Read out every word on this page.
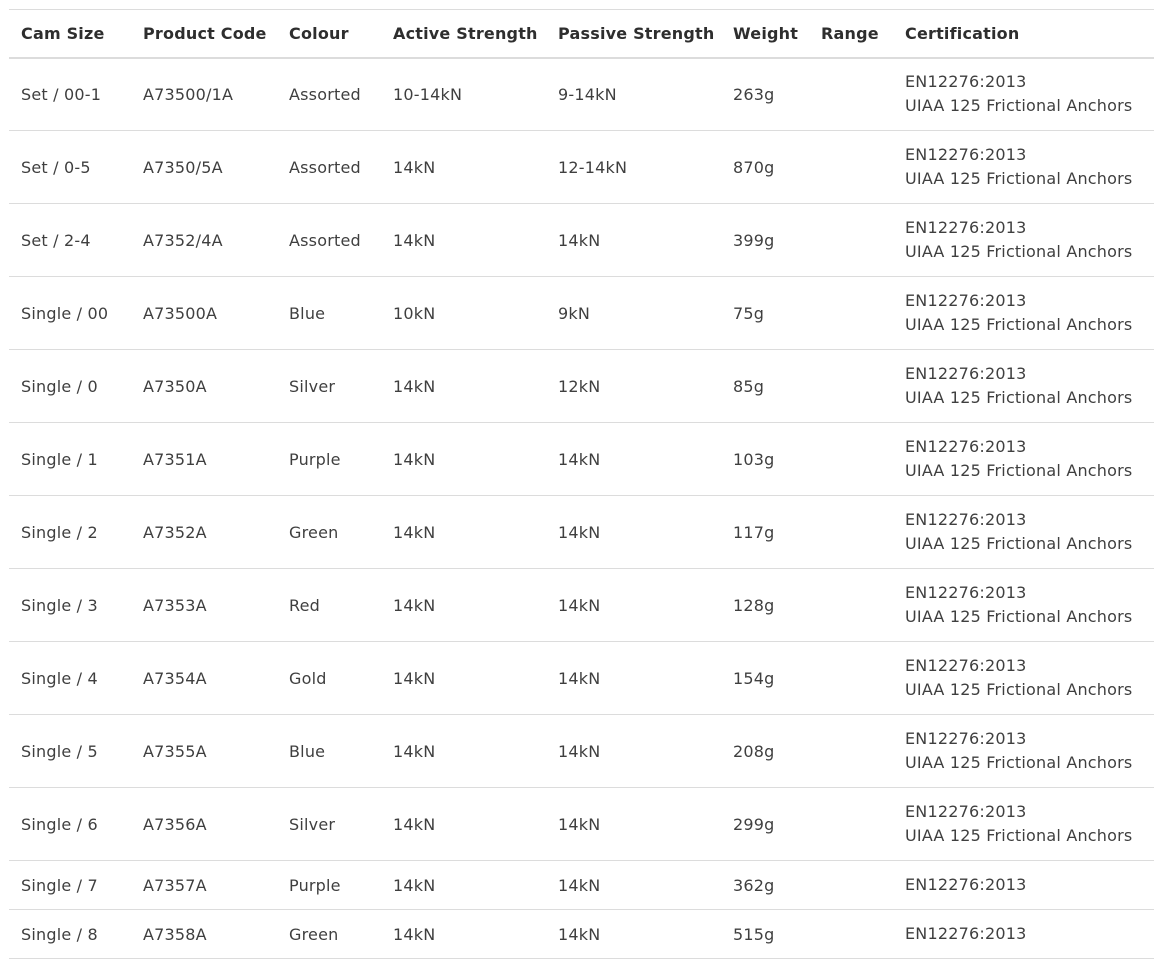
Cam Size	Product Code	Colour	Active Strength	Passive Strength	Weight	Range	Certification
Set / 00-1	A73500/1A	Assorted	10-14kN	9-14kN	263g		EN12276:2013
UIAA 125 Frictional Anchors

Set / 0-5	A7350/5A	Assorted	14kN	12-14kN	870g		EN12276:2013
UIAA 125 Frictional Anchors

Set / 2-4	A7352/4A	Assorted	14kN	14kN	399g		EN12276:2013
UIAA 125 Frictional Anchors

Single / 00	A73500A	Blue	10kN	9kN	75g		EN12276:2013
UIAA 125 Frictional Anchors

Single / 0	A7350A	Silver	14kN	12kN	85g		EN12276:2013
UIAA 125 Frictional Anchors

Single / 1	A7351A	Purple	14kN	14kN	103g		EN12276:2013
UIAA 125 Frictional Anchors

Single / 2	A7352A	Green	14kN	14kN	117g		EN12276:2013
UIAA 125 Frictional Anchors

Single / 3	A7353A	Red	14kN	14kN	128g		EN12276:2013
UIAA 125 Frictional Anchors

Single / 4	A7354A	Gold	14kN	14kN	154g		EN12276:2013
UIAA 125 Frictional Anchors

Single / 5	A7355A	Blue	14kN	14kN	208g		EN12276:2013
UIAA 125 Frictional Anchors

Single / 6	A7356A	Silver	14kN	14kN	299g		EN12276:2013
UIAA 125 Frictional Anchors

Single / 7	A7357A	Purple	14kN	14kN	362g		EN12276:2013

Single / 8	A7358A	Green	14kN	14kN	515g		EN12276:2013
